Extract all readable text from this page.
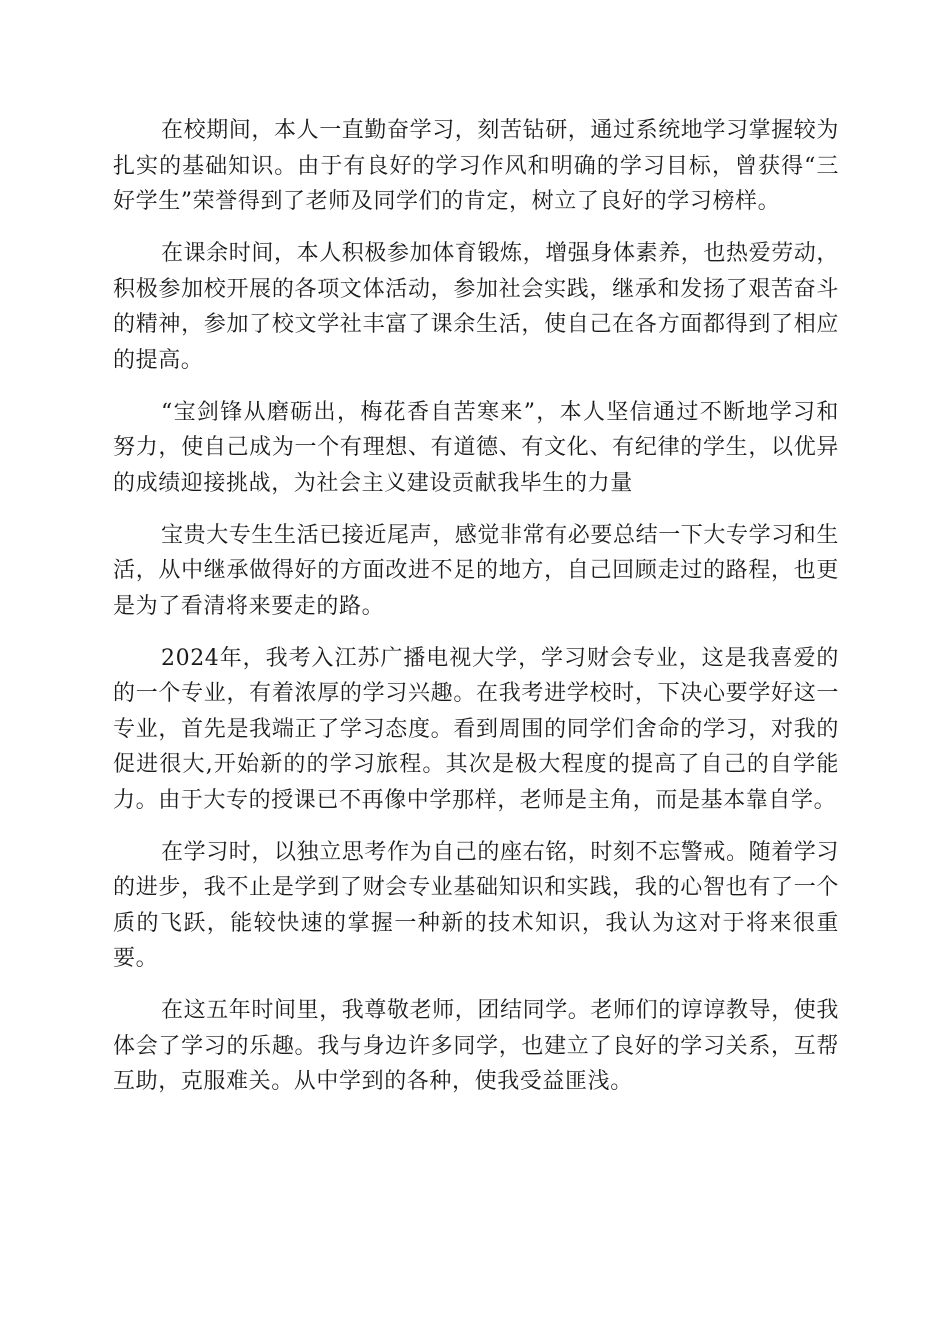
在校期间，本人一直勤奋学习，刻苦钻研，通过系统地学习掌握较为扎实的基础知识。由于有良好的学习作风和明确的学习目标，曾获得“三好学生”荣誉得到了老师及同学们的肯定，树立了良好的学习榜样。

在课余时间，本人积极参加体育锻炼，增强身体素养，也热爱劳动，积极参加校开展的各项文体活动，参加社会实践，继承和发扬了艰苦奋斗的精神，参加了校文学社丰富了课余生活，使自己在各方面都得到了相应的提高。

“宝剑锋从磨砺出，梅花香自苦寒来”，本人坚信通过不断地学习和努力，使自己成为一个有理想、有道德、有文化、有纪律的学生，以优异的成绩迎接挑战，为社会主义建设贡献我毕生的力量

宝贵大专生生活已接近尾声，感觉非常有必要总结一下大专学习和生活，从中继承做得好的方面改进不足的地方，自己回顾走过的路程，也更是为了看清将来要走的路。

2024年，我考入江苏广播电视大学，学习财会专业，这是我喜爱的的一个专业，有着浓厚的学习兴趣。在我考进学校时，下决心要学好这一专业，首先是我端正了学习态度。看到周围的同学们舍命的学习，对我的促进很大,开始新的的学习旅程。其次是极大程度的提高了自己的自学能力。由于大专的授课已不再像中学那样，老师是主角，而是基本靠自学。

在学习时，以独立思考作为自己的座右铭，时刻不忘警戒。随着学习的进步，我不止是学到了财会专业基础知识和实践，我的心智也有了一个质的飞跃，能较快速的掌握一种新的技术知识，我认为这对于将来很重要。

在这五年时间里，我尊敬老师，团结同学。老师们的谆谆教导，使我体会了学习的乐趣。我与身边许多同学，也建立了良好的学习关系，互帮互助，克服难关。从中学到的各种，使我受益匪浅。
